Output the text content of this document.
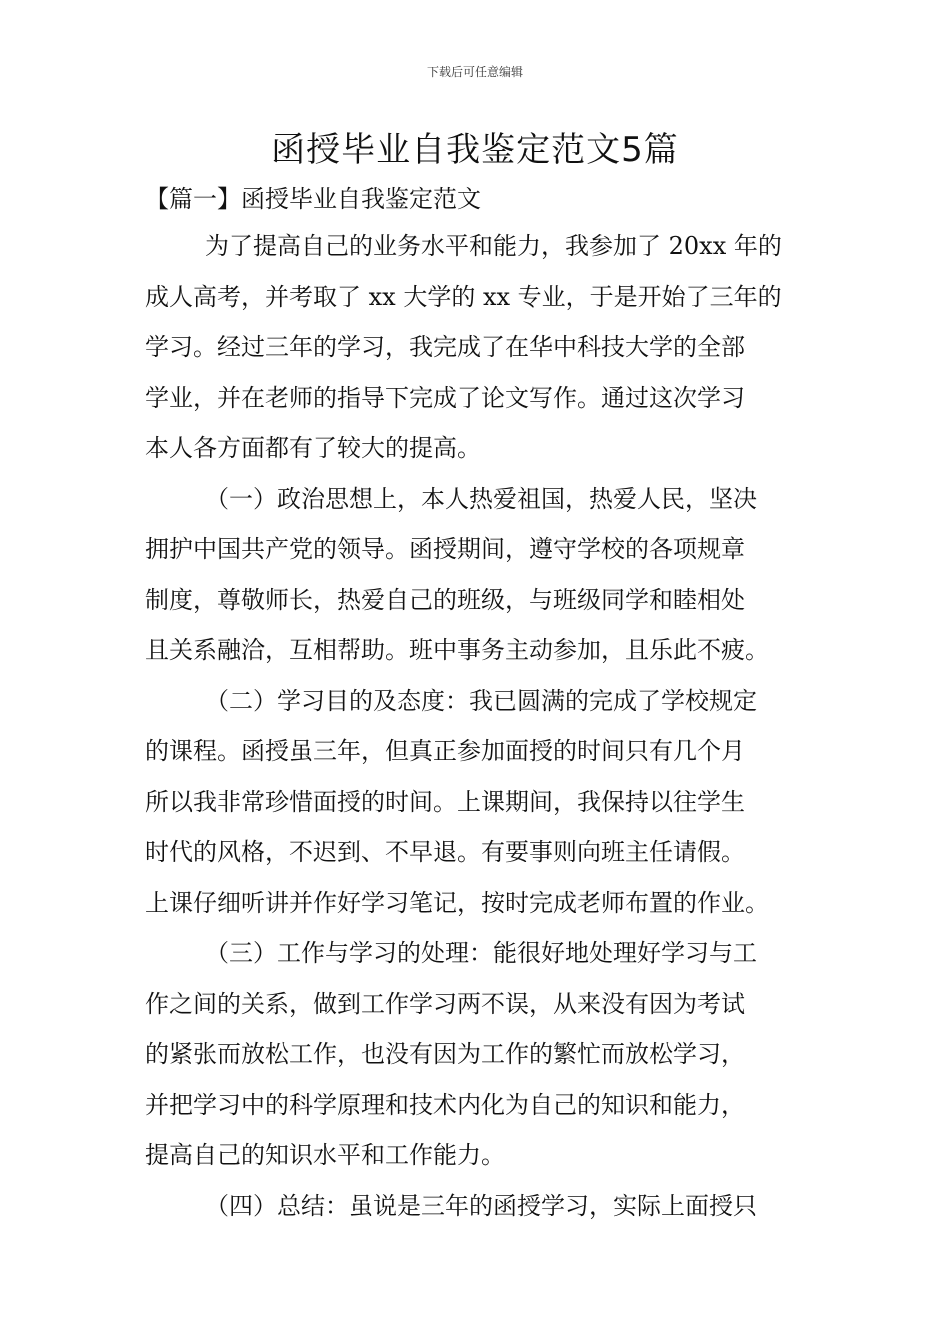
下载后可任意编辑
函授毕业自我鉴定范文5篇

【篇一】函授毕业自我鉴定范文

为了提高自己的业务水平和能力，我参加了 20xx 年的
成人高考，并考取了 xx 大学的 xx 专业，于是开始了三年的
学习。经过三年的学习，我完成了在华中科技大学的全部
学业，并在老师的指导下完成了论文写作。通过这次学习
本人各方面都有了较大的提高。
（一）政治思想上，本人热爱祖国，热爱人民，坚决
拥护中国共产党的领导。函授期间，遵守学校的各项规章
制度，尊敬师长，热爱自己的班级，与班级同学和睦相处
且关系融洽，互相帮助。班中事务主动参加，且乐此不疲。
（二）学习目的及态度：我已圆满的完成了学校规定
的课程。函授虽三年，但真正参加面授的时间只有几个月
所以我非常珍惜面授的时间。上课期间，我保持以往学生
时代的风格，不迟到、不早退。有要事则向班主任请假。
上课仔细听讲并作好学习笔记，按时完成老师布置的作业。
（三）工作与学习的处理：能很好地处理好学习与工
作之间的关系，做到工作学习两不误，从来没有因为考试
的紧张而放松工作，也没有因为工作的繁忙而放松学习，
并把学习中的科学原理和技术内化为自己的知识和能力，
提高自己的知识水平和工作能力。
（四）总结：虽说是三年的函授学习，实际上面授只
